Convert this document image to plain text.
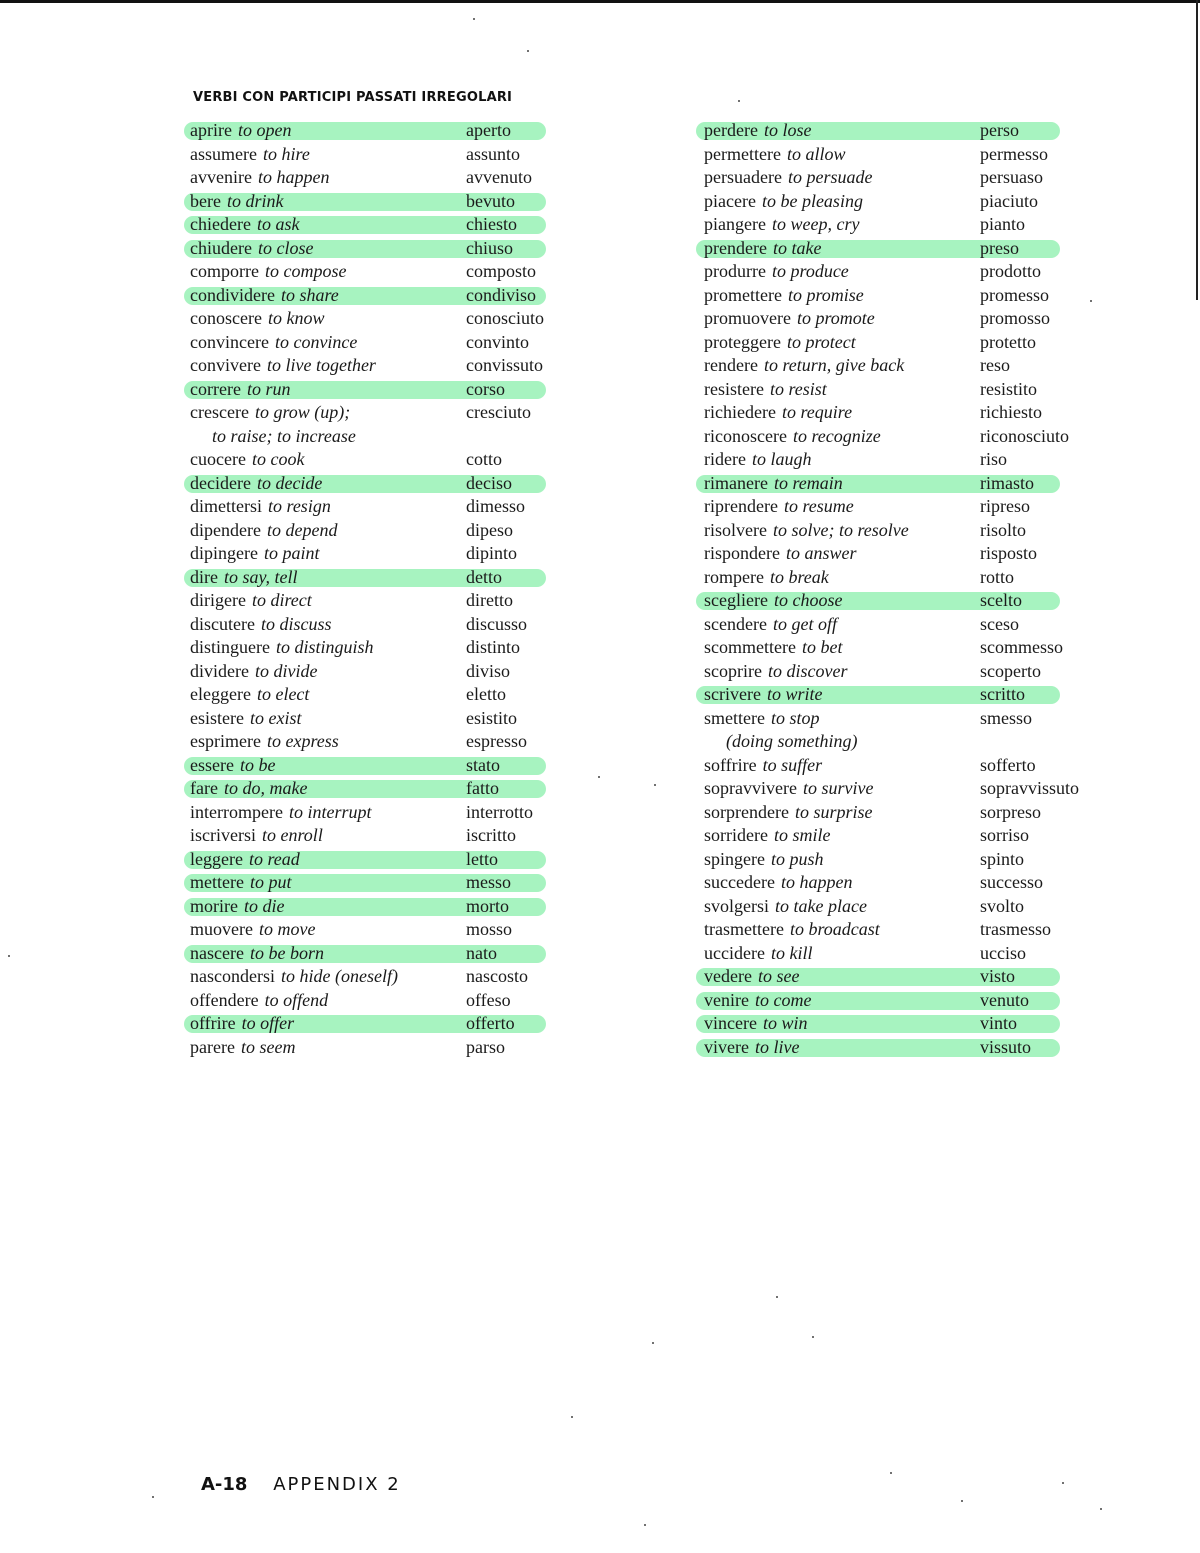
VERBI CON PARTICIPI PASSATI IRREGOLARI
aprire to open	aperto
assumere to hire	assunto
avvenire to happen	avvenuto
bere to drink	bevuto
chiedere to ask	chiesto
chiudere to close	chiuso
comporre to compose	composto
condividere to share	condiviso
conoscere to know	conosciuto
convincere to convince	convinto
convivere to live together	convissuto
correre to run	corso
crescere to grow (up);	cresciuto
to raise; to increase
cuocere to cook	cotto
decidere to decide	deciso
dimettersi to resign	dimesso
dipendere to depend	dipeso
dipingere to paint	dipinto
dire to say, tell	detto
dirigere to direct	diretto
discutere to discuss	discusso
distinguere to distinguish	distinto
dividere to divide	diviso
eleggere to elect	eletto
esistere to exist	esistito
esprimere to express	espresso
essere to be	stato
fare to do, make	fatto
interrompere to interrupt	interrotto
iscriversi to enroll	iscritto
leggere to read	letto
mettere to put	messo
morire to die	morto
muovere to move	mosso
nascere to be born	nato
nascondersi to hide (oneself)	nascosto
offendere to offend	offeso
offrire to offer	offerto
parere to seem	parso
perdere to lose	perso
permettere to allow	permesso
persuadere to persuade	persuaso
piacere to be pleasing	piaciuto
piangere to weep, cry	pianto
prendere to take	preso
produrre to produce	prodotto
promettere to promise	promesso
promuovere to promote	promosso
proteggere to protect	protetto
rendere to return, give back	reso
resistere to resist	resistito
richiedere to require	richiesto
riconoscere to recognize	riconosciuto
ridere to laugh	riso
rimanere to remain	rimasto
riprendere to resume	ripreso
risolvere to solve; to resolve	risolto
rispondere to answer	risposto
rompere to break	rotto
scegliere to choose	scelto
scendere to get off	sceso
scommettere to bet	scommesso
scoprire to discover	scoperto
scrivere to write	scritto
smettere to stop	smesso
(doing something)
soffrire to suffer	sofferto
sopravvivere to survive	sopravvissuto
sorprendere to surprise	sorpreso
sorridere to smile	sorriso
spingere to push	spinto
succedere to happen	successo
svolgersi to take place	svolto
trasmettere to broadcast	trasmesso
uccidere to kill	ucciso
vedere to see	visto
venire to come	venuto
vincere to win	vinto
vivere to live	vissuto
A-18 APPENDIX 2
